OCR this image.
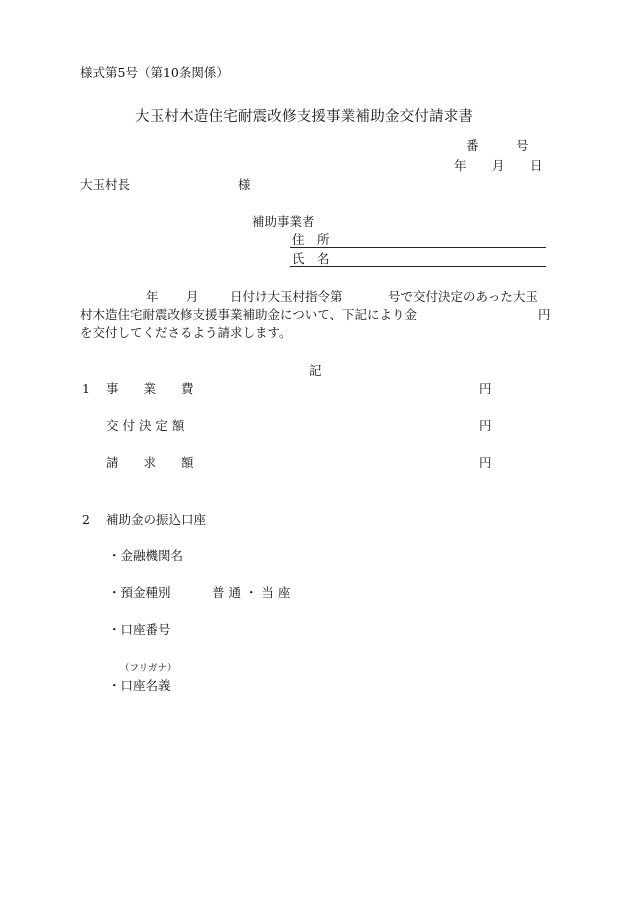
様式第5号（第10条関係）
大玉村木造住宅耐震改修支援事業補助金交付請求書
番	号
年 月 日
大玉村長	様
補助事業者
住　所
氏　名
年 月	日付け大玉村指令第	号で交付決定のあった大玉
村木造住宅耐震改修支援事業補助金について、下記により金	円
を交付してくださるよう請求します。
記
1 事　　業　　費	円
交 付 決 定 額	円
請　　求　　額	円
2 補助金の振込口座
・金融機関名
・預金種別	普 通 ・ 当 座
・口座番号
（フリガナ）
・口座名義
